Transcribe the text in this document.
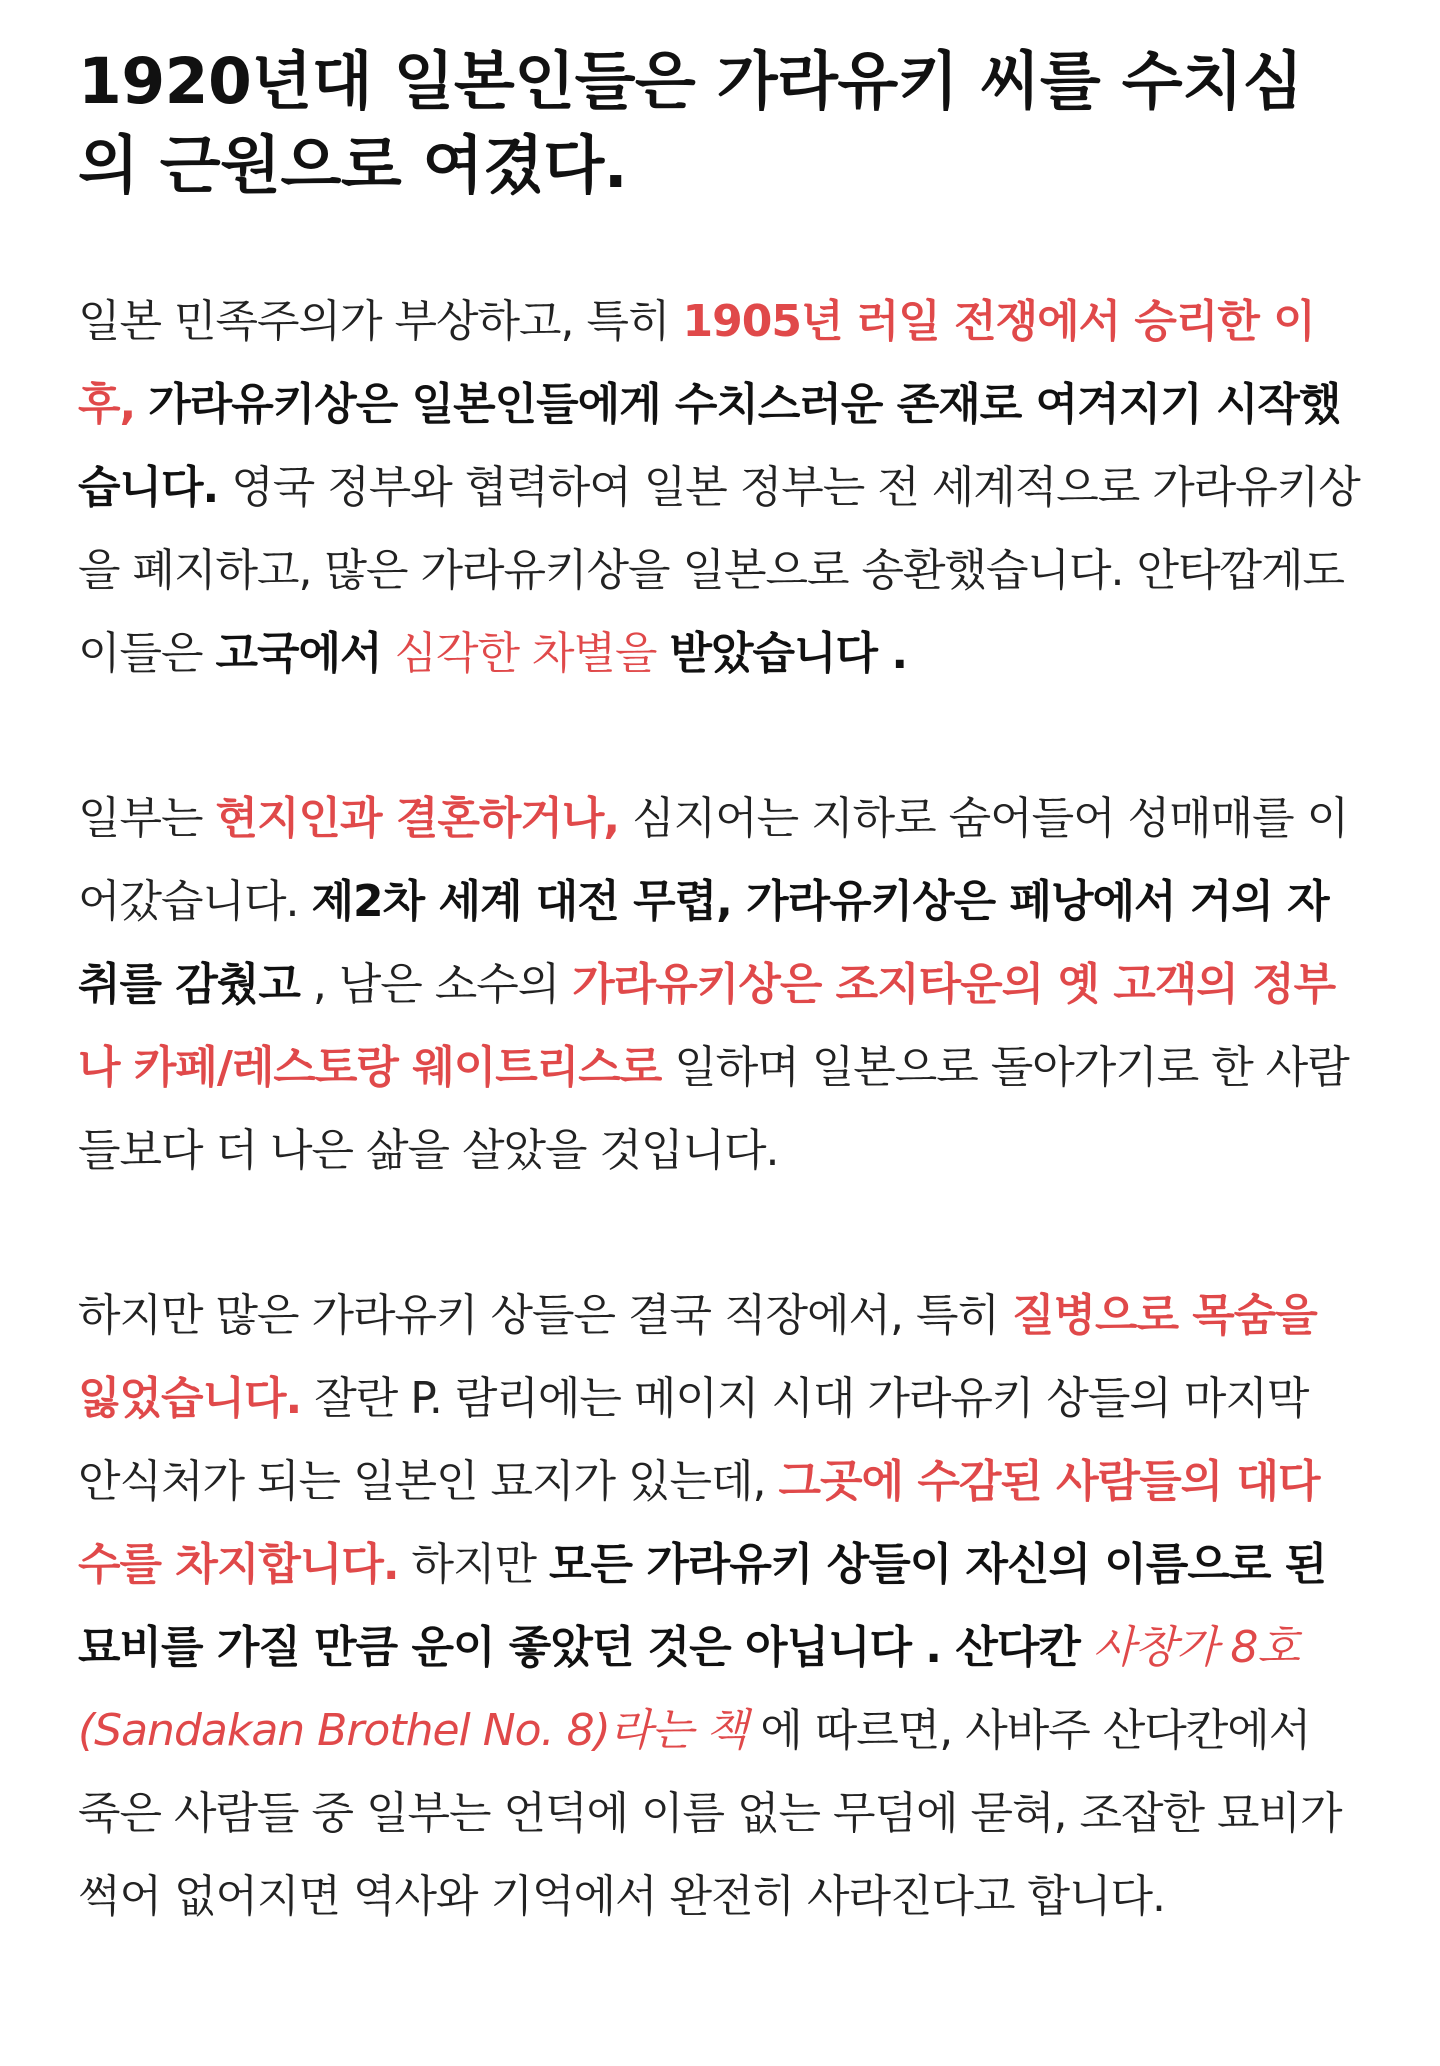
1920년대 일본인들은 가라유키 씨를 수치심의 근원으로 여겼다.

일본 민족주의가 부상하고, 특히 1905년 러일 전쟁에서 승리한 이후, 가라유키상은 일본인들에게 수치스러운 존재로 여겨지기 시작했습니다. 영국 정부와 협력하여 일본 정부는 전 세계적으로 가라유키상을 폐지하고, 많은 가라유키상을 일본으로 송환했습니다. 안타깝게도 이들은 고국에서 심각한 차별을 받았습니다 .

일부는 현지인과 결혼하거나, 심지어는 지하로 숨어들어 성매매를 이어갔습니다. 제2차 세계 대전 무렵, 가라유키상은 페낭에서 거의 자취를 감췄고 , 남은 소수의 가라유키상은 조지타운의 옛 고객의 정부나 카페/레스토랑 웨이트리스로 일하며 일본으로 돌아가기로 한 사람들보다 더 나은 삶을 살았을 것입니다.

하지만 많은 가라유키 상들은 결국 직장에서, 특히 질병으로 목숨을 잃었습니다. 잘란 P. 람리에는 메이지 시대 가라유키 상들의 마지막 안식처가 되는 일본인 묘지가 있는데, 그곳에 수감된 사람들의 대다수를 차지합니다. 하지만 모든 가라유키 상들이 자신의 이름으로 된 묘비를 가질 만큼 운이 좋았던 것은 아닙니다 . 산다칸 사창가 8호(Sandakan Brothel No. 8)라는 책 에 따르면, 사바주 산다칸에서 죽은 사람들 중 일부는 언덕에 이름 없는 무덤에 묻혀, 조잡한 묘비가 썩어 없어지면 역사와 기억에서 완전히 사라진다고 합니다.
